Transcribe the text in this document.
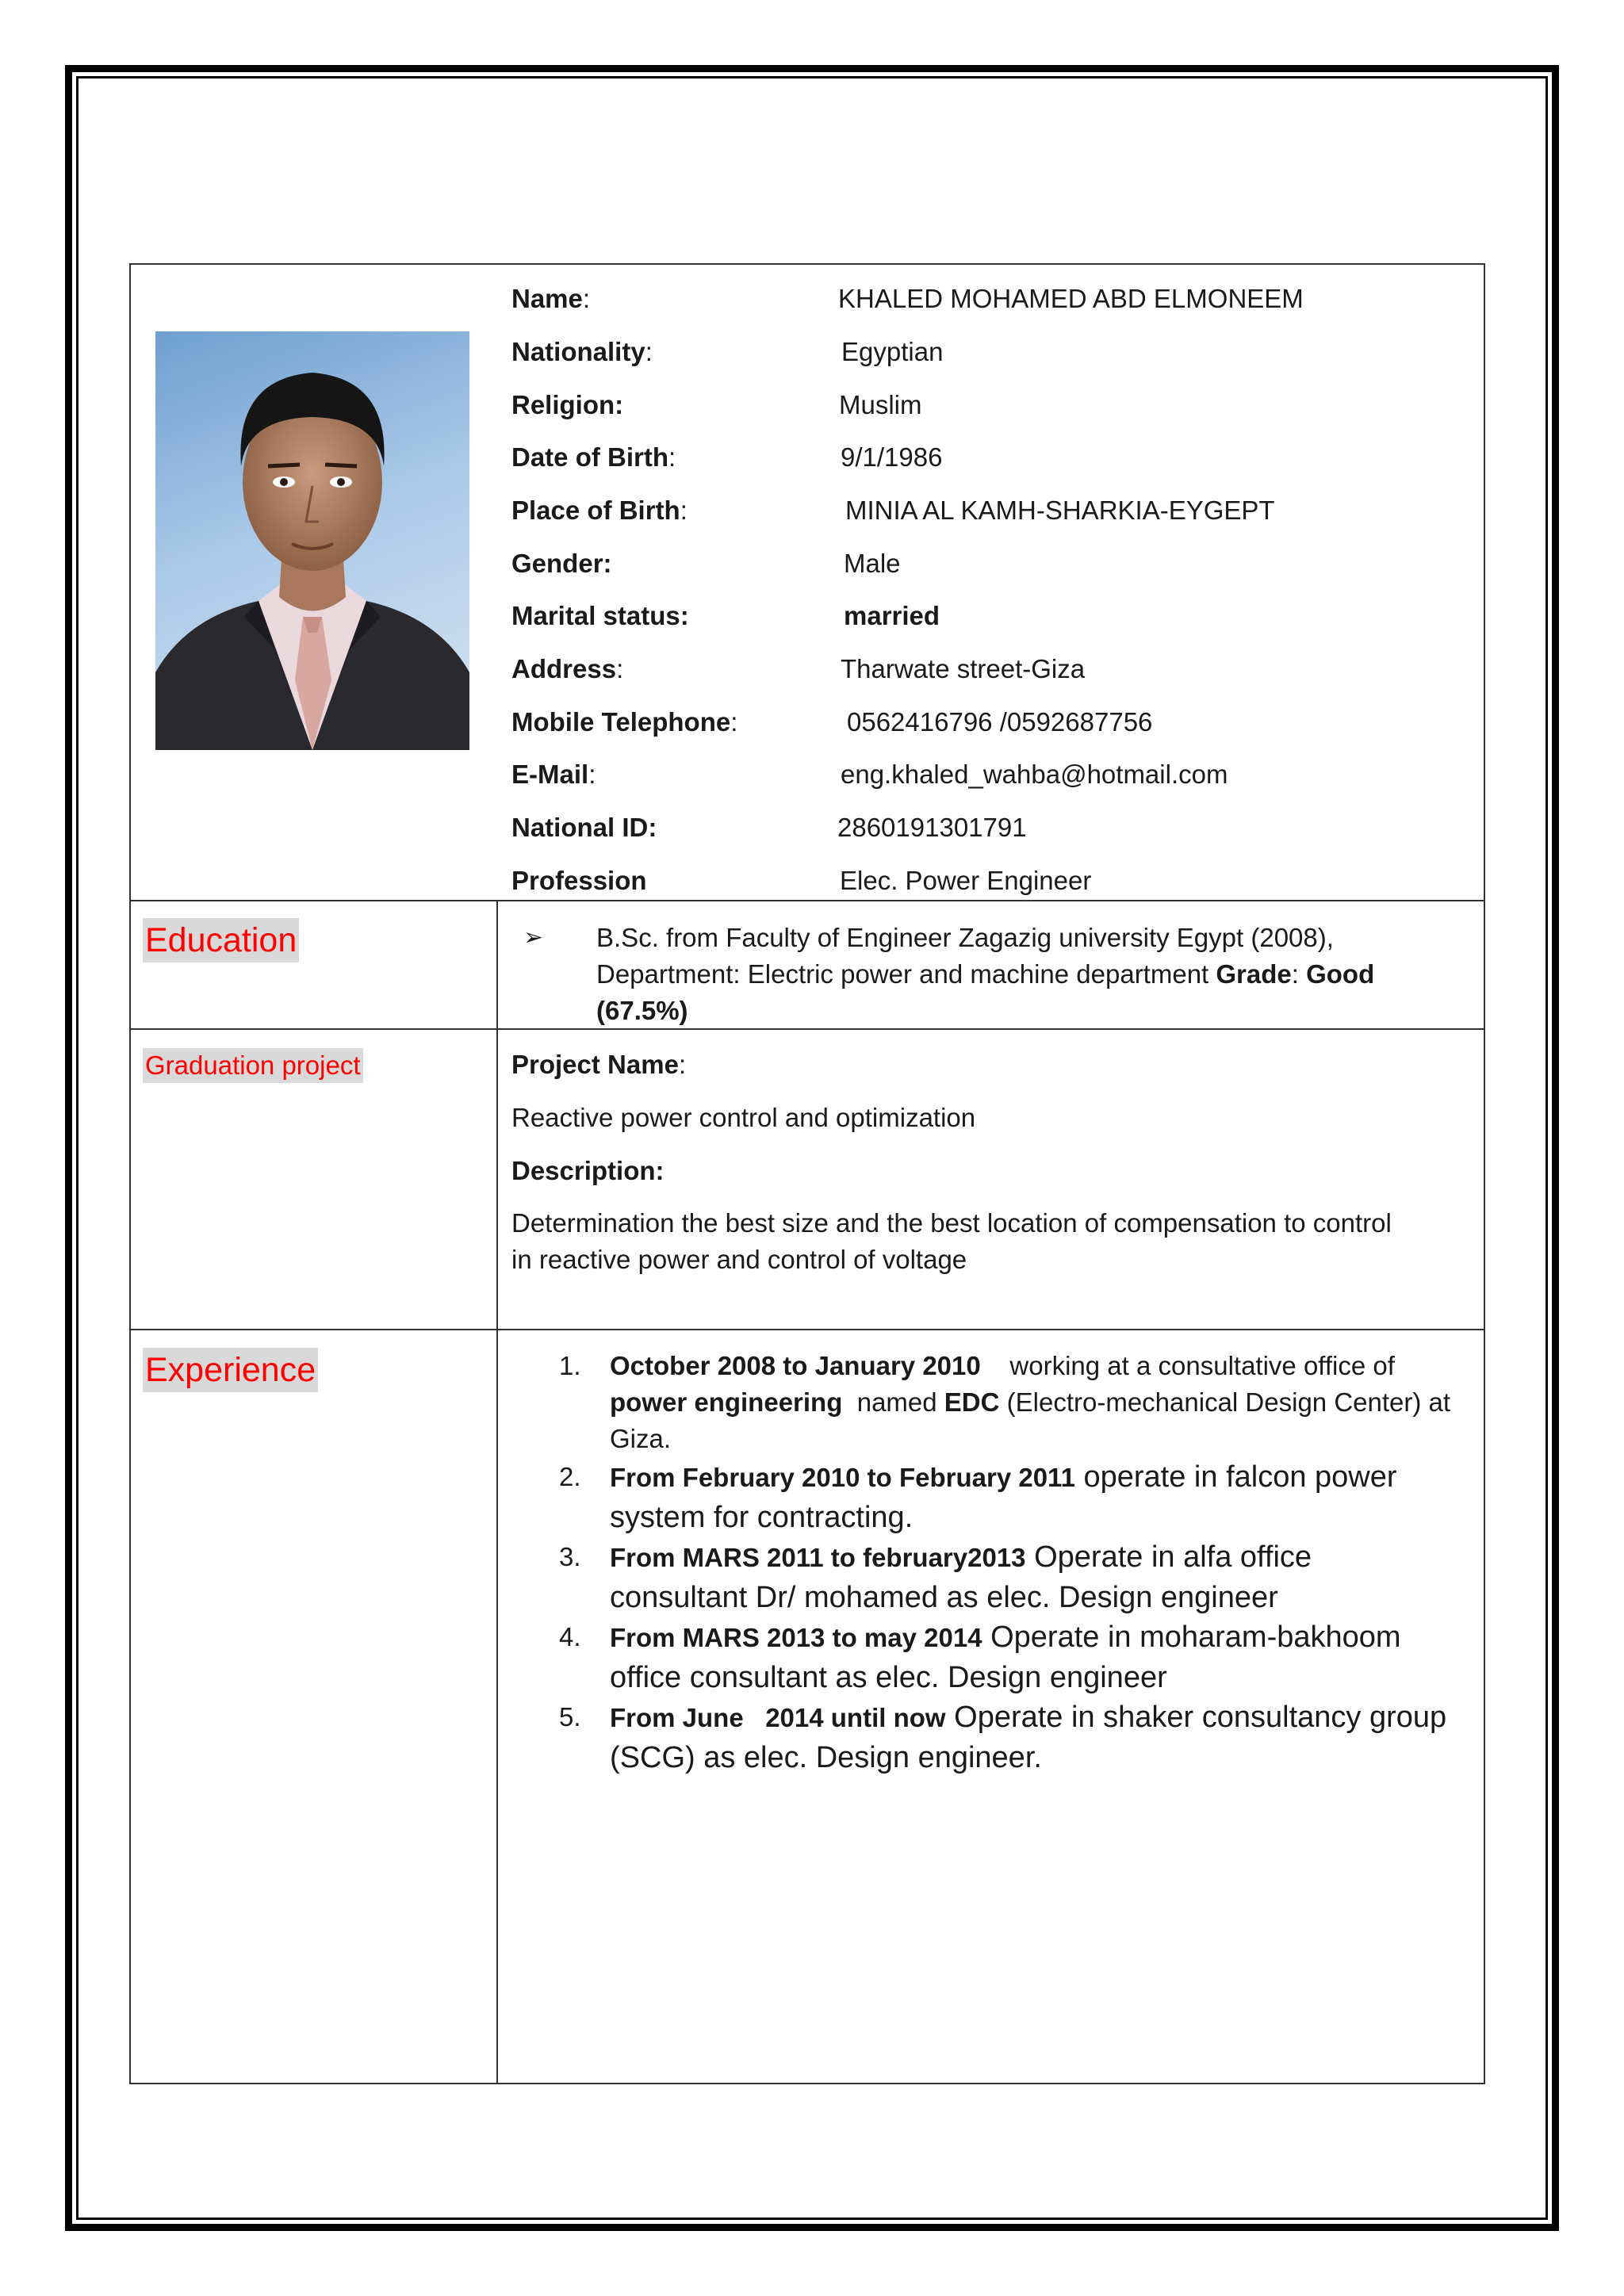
Name:	KHALED MOHAMED ABD ELMONEEM
Nationality:	Egyptian
Religion:	Muslim
Date of Birth:	9/1/1986
Place of Birth:	MINIA AL KAMH-SHARKIA-EYGEPT
Gender:	Male
Marital status:	married
Address:	Tharwate street-Giza
Mobile Telephone:	0562416796 /0592687756
E-Mail:	eng.khaled_wahba@hotmail.com
National ID:	2860191301791
Profession	Elec. Power Engineer
Education	➢ B.Sc. from Faculty of Engineer Zagazig university Egypt (2008),
Department: Electric power and machine department Grade: Good
(67.5%)
Graduation project	Project Name:
Reactive power control and optimization
Description:
Determination the best size and the best location of compensation to control
in reactive power and control of voltage
Experience	1. October 2008 to January 2010    working at a consultative office of
power engineering  named EDC (Electro-mechanical Design Center) at
Giza.
2. From February 2010 to February 2011 operate in falcon power
system for contracting.
3. From MARS 2011 to february2013 Operate in alfa office
consultant Dr/ mohamed as elec. Design engineer
4. From MARS 2013 to may 2014 Operate in moharam-bakhoom
office consultant as elec. Design engineer
5. From June   2014 until now Operate in shaker consultancy group
(SCG) as elec. Design engineer.
